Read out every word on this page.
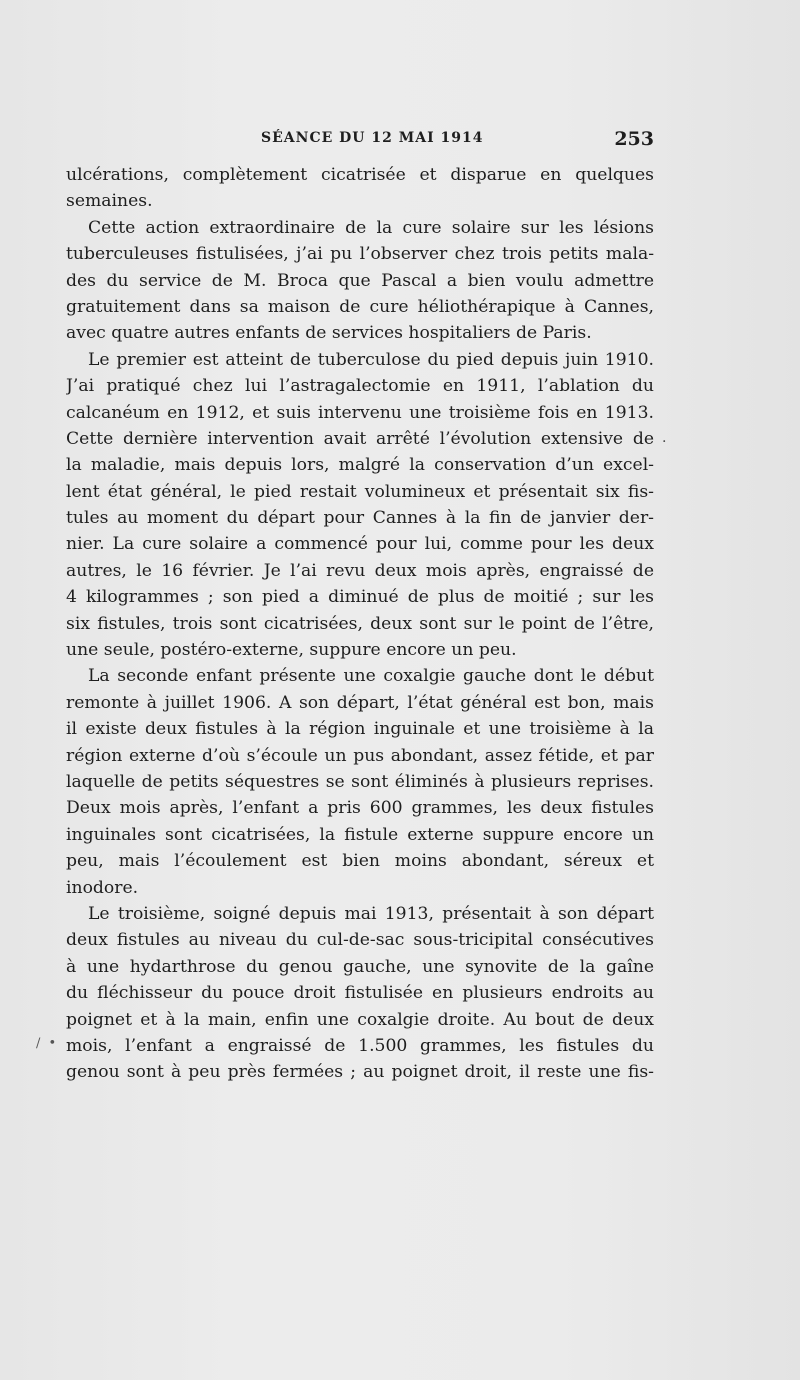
SÉANCE DU 12 MAI 1914	253
.
/ •
ulcérations, complètement cicatrisée et disparue en quelques
semaines.
Cette action extraordinaire de la cure solaire sur les lésions
tuberculeuses fistulisées, j’ai pu l’observer chez trois petits mala-
des du service de M. Broca que Pascal a bien voulu admettre
gratuitement dans sa maison de cure héliothérapique à Cannes,
avec quatre autres enfants de services hospitaliers de Paris.
Le premier est atteint de tuberculose du pied depuis juin 1910.
J’ai pratiqué chez lui l’astragalectomie en 1911, l’ablation du
calcanéum en 1912, et suis intervenu une troisième fois en 1913.
Cette dernière intervention avait arrêté l’évolution extensive de
la maladie, mais depuis lors, malgré la conservation d’un excel-
lent état général, le pied restait volumineux et présentait six fis-
tules au moment du départ pour Cannes à la fin de janvier der-
nier. La cure solaire a commencé pour lui, comme pour les deux
autres, le 16 février. Je l’ai revu deux mois après, engraissé de
4 kilogrammes ; son pied a diminué de plus de moitié ; sur les
six fistules, trois sont cicatrisées, deux sont sur le point de l’être,
une seule, postéro-externe, suppure encore un peu.
La seconde enfant présente une coxalgie gauche dont le début
remonte à juillet 1906. A son départ, l’état général est bon, mais
il existe deux fistules à la région inguinale et une troisième à la
région externe d’où s’écoule un pus abondant, assez fétide, et par
laquelle de petits séquestres se sont éliminés à plusieurs reprises.
Deux mois après, l’enfant a pris 600 grammes, les deux fistules
inguinales sont cicatrisées, la fistule externe suppure encore un
peu, mais l’écoulement est bien moins abondant, séreux et
inodore.
Le troisième, soigné depuis mai 1913, présentait à son départ
deux fistules au niveau du cul-de-sac sous-tricipital consécutives
à une hydarthrose du genou gauche, une synovite de la gaîne
du fléchisseur du pouce droit fistulisée en plusieurs endroits au
poignet et à la main, enfin une coxalgie droite. Au bout de deux
mois, l’enfant a engraissé de 1.500 grammes, les fistules du
genou sont à peu près fermées ; au poignet droit, il reste une fis-
